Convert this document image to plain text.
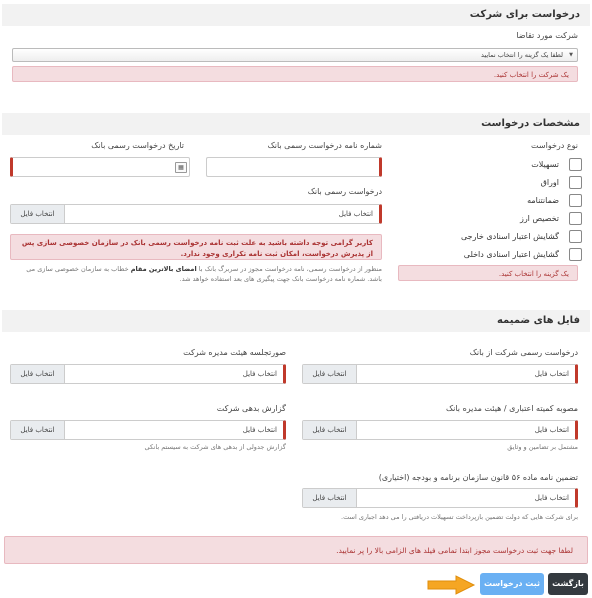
درخواست برای شرکت
شرکت مورد تقاضا
لطفا یک گزینه را انتخاب نمایید ▼
یک شرکت را انتخاب کنید.
مشخصات درخواست
نوع درخواست
تسهیلات
اوراق
ضمانتنامه
تخصیص ارز
گشایش اعتبار اسنادی خارجی
گشایش اعتبار اسنادی داخلی
یک گزینه را انتخاب کنید.
شماره نامه درخواست رسمی بانک
تاریخ درخواست رسمی بانک
▦
درخواست رسمی بانک
انتخاب فایل
انتخاب فایل
کاربر گرامی توجه داشته باشید به علت ثبت نامه درخواست رسمی بانک در سازمان خصوصی سازی پس از پذیرش درخواست، امکان ثبت نامه تکراری وجود ندارد.
منظور از درخواست رسمی، نامه درخواست مجوز در سربرگ بانک با امضای بالاترین مقام خطاب به سازمان خصوصی سازی می باشد. شماره نامه درخواست بانک جهت پیگیری های بعد استفاده خواهد شد.
فایل های ضمیمه
درخواست رسمی شرکت از بانک
انتخاب فایل
انتخاب فایل
صورتجلسه هیئت مدیره شرکت
انتخاب فایل
انتخاب فایل
مصوبه کمیته اعتباری / هیئت مدیره بانک
انتخاب فایل
انتخاب فایل
مشتمل بر تضامین و وثایق
گزارش بدهی شرکت
انتخاب فایل
انتخاب فایل
گزارش جدولی از بدهی های شرکت به سیستم بانکی
تضمین نامه ماده ۵۶ قانون سازمان برنامه و بودجه (اختیاری)
انتخاب فایل
انتخاب فایل
برای شرکت هایی که دولت تضمین بازپرداخت تسهیلات دریافتی را می دهد اجباری است.
لطفا جهت ثبت درخواست مجوز ابتدا تمامی فیلد های الزامی بالا را پر نمایید.
بازگشت
ثبت درخواست
